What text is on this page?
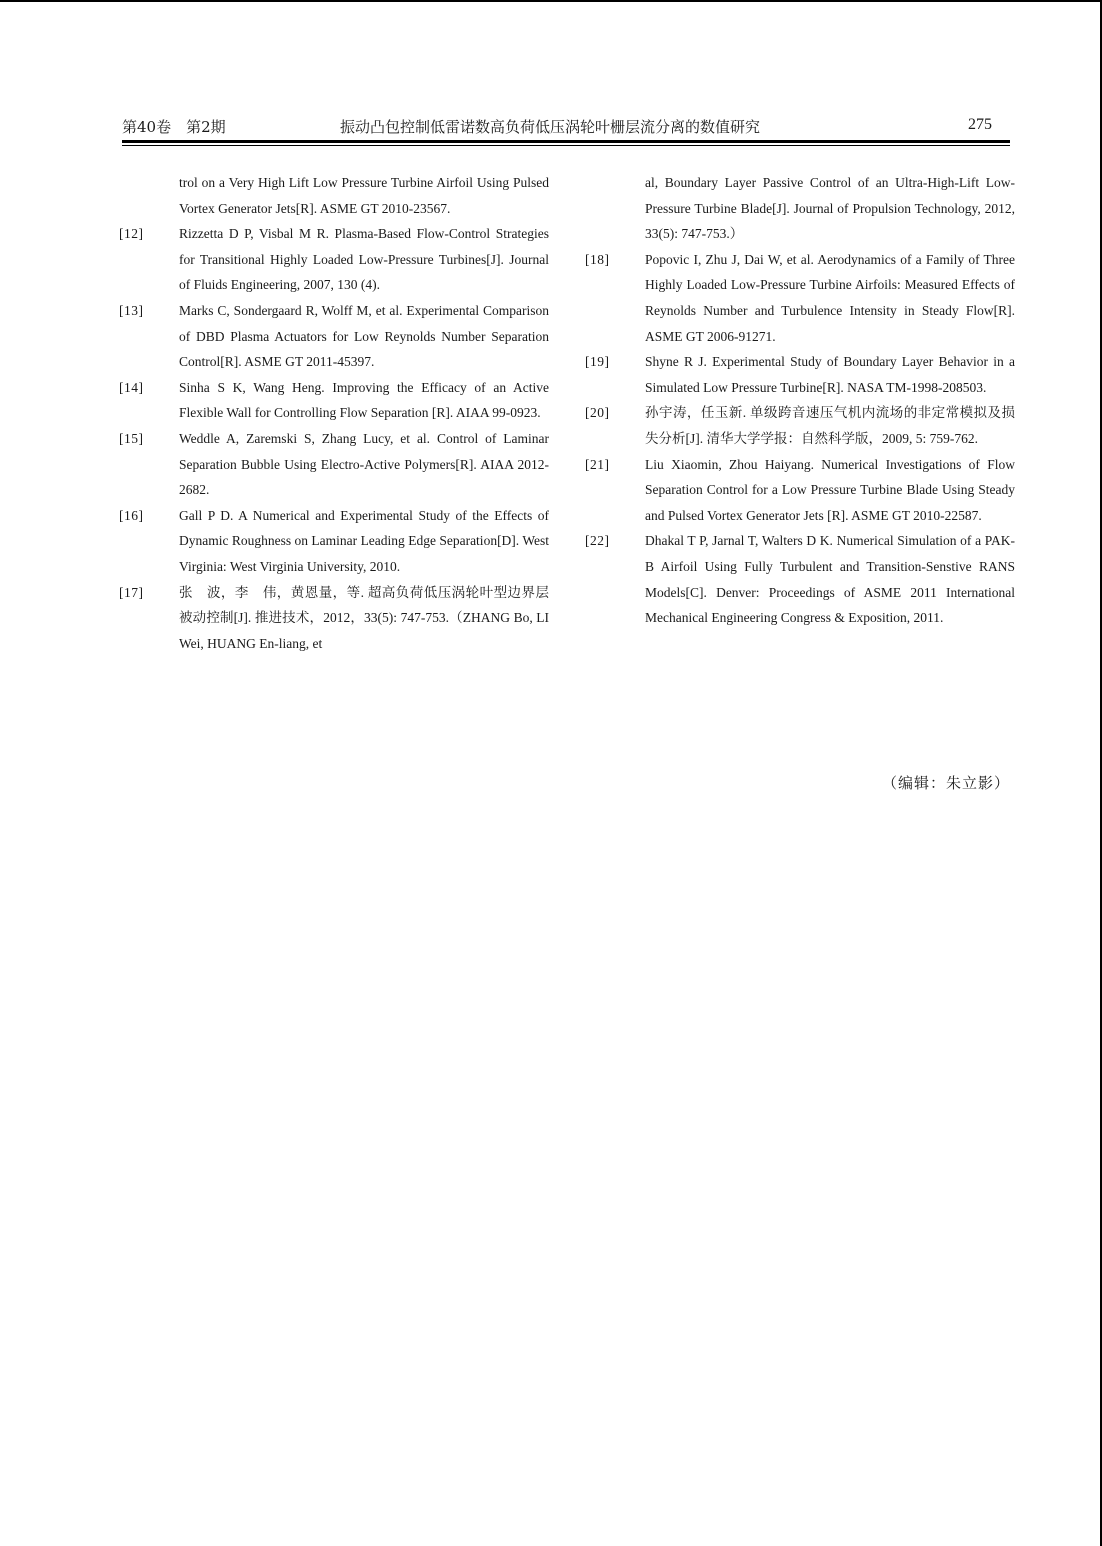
第40卷　第2期	振动凸包控制低雷诺数高负荷低压涡轮叶栅层流分离的数值研究	275
trol on a Very High Lift Low Pressure Turbine Airfoil Using Pulsed Vortex Generator Jets[R]. ASME GT 2010-23567.
[12]	Rizzetta D P, Visbal M R. Plasma-Based Flow-Control Strategies for Transitional Highly Loaded Low-Pressure Turbines[J]. Journal of Fluids Engineering, 2007, 130 (4).
[13]	Marks C, Sondergaard R, Wolff M, et al. Experimental Comparison of DBD Plasma Actuators for Low Reynolds Number Separation Control[R]. ASME GT 2011-45397.
[14]	Sinha S K, Wang Heng. Improving the Efficacy of an Active Flexible Wall for Controlling Flow Separation [R]. AIAA 99-0923.
[15]	Weddle A, Zaremski S, Zhang Lucy, et al. Control of Laminar Separation Bubble Using Electro-Active Polymers[R]. AIAA 2012-2682.
[16]	Gall P D. A Numerical and Experimental Study of the Effects of Dynamic Roughness on Laminar Leading Edge Separation[D]. West Virginia: West Virginia University, 2010.
[17]	张　波，李　伟，黄恩量，等. 超高负荷低压涡轮叶型边界层被动控制[J]. 推进技术，2012，33(5): 747-753.（ZHANG Bo, LI Wei, HUANG En-liang, et
al, Boundary Layer Passive Control of an Ultra-High-Lift Low-Pressure Turbine Blade[J]. Journal of Propulsion Technology, 2012, 33(5): 747-753.）
[18]	Popovic I, Zhu J, Dai W, et al. Aerodynamics of a Family of Three Highly Loaded Low-Pressure Turbine Airfoils: Measured Effects of Reynolds Number and Turbulence Intensity in Steady Flow[R]. ASME GT 2006-91271.
[19]	Shyne R J. Experimental Study of Boundary Layer Behavior in a Simulated Low Pressure Turbine[R]. NASA TM-1998-208503.
[20]	孙宇涛，任玉新. 单级跨音速压气机内流场的非定常模拟及损失分析[J]. 清华大学学报：自然科学版，2009, 5: 759-762.
[21]	Liu Xiaomin, Zhou Haiyang. Numerical Investigations of Flow Separation Control for a Low Pressure Turbine Blade Using Steady and Pulsed Vortex Generator Jets [R]. ASME GT 2010-22587.
[22]	Dhakal T P, Jarnal T, Walters D K. Numerical Simulation of a PAK-B Airfoil Using Fully Turbulent and Transition-Senstive RANS Models[C]. Denver: Proceedings of ASME 2011 International Mechanical Engineering Congress & Exposition, 2011.
（编辑：朱立影）
